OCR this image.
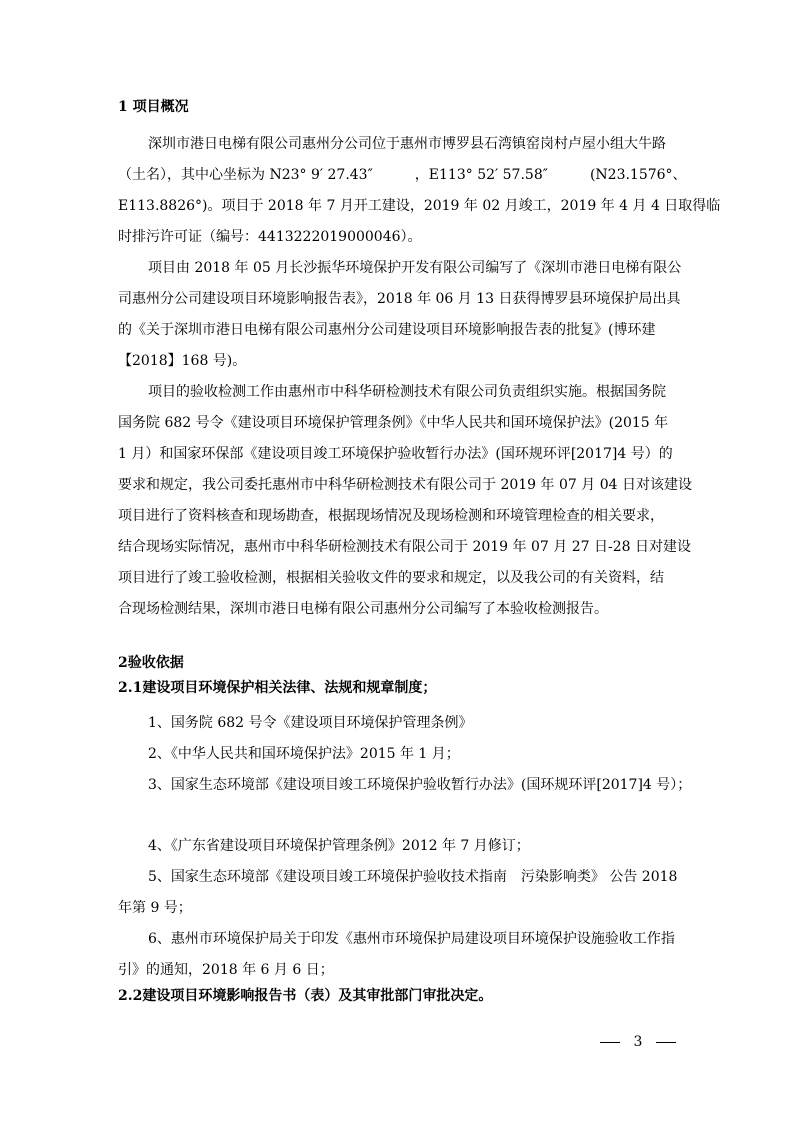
1 项目概况
深圳市港日电梯有限公司惠州分公司位于惠州市博罗县石湾镇窑岗村卢屋小组大牛路
（土名），其中心坐标为 N23° 9′ 27.43″　　　，E113° 52′ 57.58″　　　(N23.1576°、
E113.8826°)。项目于 2018 年 7 月开工建设，2019 年 02 月竣工，2019 年 4 月 4 日取得临
时排污许可证（编号：4413222019000046）。
项目由 2018 年 05 月长沙振华环境保护开发有限公司编写了《深圳市港日电梯有限公
司惠州分公司建设项目环境影响报告表》，2018 年 06 月 13 日获得博罗县环境保护局出具
的《关于深圳市港日电梯有限公司惠州分公司建设项目环境影响报告表的批复》(博环建
【2018】168 号)。
项目的验收检测工作由惠州市中科华研检测技术有限公司负责组织实施。根据国务院
国务院 682 号令《建设项目环境保护管理条例》《中华人民共和国环境保护法》(2015 年
1 月）和国家环保部《建设项目竣工环境保护验收暂行办法》(国环规环评[2017]4 号）的
要求和规定，我公司委托惠州市中科华研检测技术有限公司于 2019 年 07 月 04 日对该建设
项目进行了资料核查和现场勘查，根据现场情况及现场检测和环境管理检查的相关要求，
结合现场实际情况，惠州市中科华研检测技术有限公司于 2019 年 07 月 27 日-28 日对建设
项目进行了竣工验收检测，根据相关验收文件的要求和规定，以及我公司的有关资料，结
合现场检测结果，深圳市港日电梯有限公司惠州分公司编写了本验收检测报告。
2验收依据
2.1建设项目环境保护相关法律、法规和规章制度；
1、国务院 682 号令《建设项目环境保护管理条例》
2、《中华人民共和国环境保护法》2015 年 1 月；
3、国家生态环境部《建设项目竣工环境保护验收暂行办法》(国环规环评[2017]4 号）；
4、《广东省建设项目环境保护管理条例》2012 年 7 月修订；
5、国家生态环境部《建设项目竣工环境保护验收技术指南　污染影响类》 公告 2018
年第 9 号；
6、惠州市环境保护局关于印发《惠州市环境保护局建设项目环境保护设施验收工作指
引》的通知，2018 年 6 月 6 日；
2.2建设项目环境影响报告书（表）及其审批部门审批决定。
3
